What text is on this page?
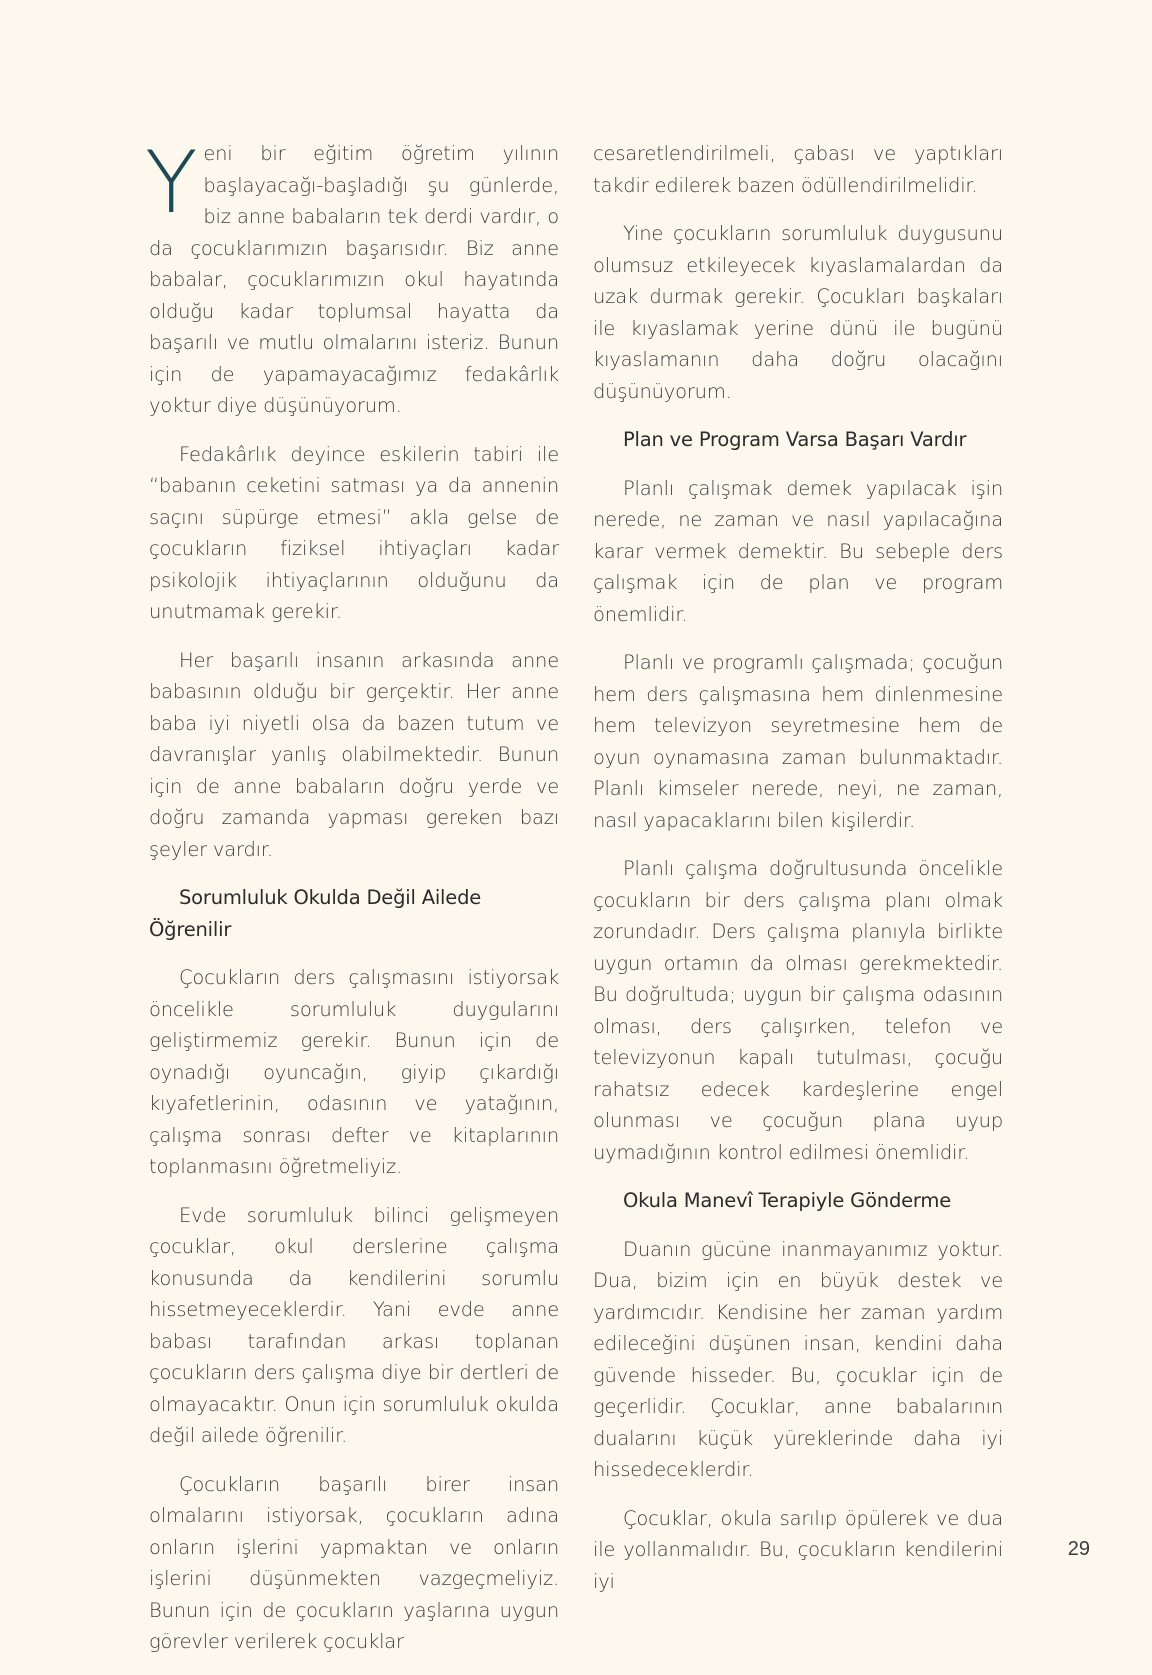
Yeni bir eğitim öğretim yılının başlayacağı-başladığı şu günlerde, biz anne babaların tek derdi vardır, o da çocuklarımızın başarısıdır. Biz anne babalar, çocuklarımızın okul hayatında olduğu kadar toplumsal hayatta da başarılı ve mutlu olmalarını isteriz. Bunun için de yapamayacağımız fedakârlık yoktur diye düşünüyorum.

Fedakârlık deyince eskilerin tabiri ile “babanın ceketini satması ya da annenin saçını süpürge etmesi” akla gelse de çocukların fiziksel ihtiyaçları kadar psikolojik ihtiyaçlarının olduğunu da unutmamak gerekir.

Her başarılı insanın arkasında anne babasının olduğu bir gerçektir. Her anne baba iyi niyetli olsa da bazen tutum ve davranışlar yanlış olabilmektedir. Bunun için de anne babaların doğru yerde ve doğru zamanda yapması gereken bazı şeyler vardır.

Sorumluluk Okulda Değil Ailede Öğrenilir

Çocukların ders çalışmasını istiyorsak öncelikle sorumluluk duygularını geliştirmemiz gerekir. Bunun için de oynadığı oyuncağın, giyip çıkardığı kıyafetlerinin, odasının ve yatağının, çalışma sonrası defter ve kitaplarının toplanmasını öğretmeliyiz.

Evde sorumluluk bilinci gelişmeyen çocuklar, okul derslerine çalışma konusunda da kendilerini sorumlu hissetmeyeceklerdir. Yani evde anne babası tarafından arkası toplanan çocukların ders çalışma diye bir dertleri de olmayacaktır. Onun için sorumluluk okulda değil ailede öğrenilir.

Çocukların başarılı birer insan olmalarını istiyorsak, çocukların adına onların işlerini yapmaktan ve onların işlerini düşünmekten vazgeçmeliyiz. Bunun için de çocukların yaşlarına uygun görevler verilerek çocuklar

cesaretlendirilmeli, çabası ve yaptıkları takdir edilerek bazen ödüllendirilmelidir.

Yine çocukların sorumluluk duygusunu olumsuz etkileyecek kıyaslamalardan da uzak durmak gerekir. Çocukları başkaları ile kıyaslamak yerine dünü ile bugünü kıyaslamanın daha doğru olacağını düşünüyorum.

Plan ve Program Varsa Başarı Vardır

Planlı çalışmak demek yapılacak işin nerede, ne zaman ve nasıl yapılacağına karar vermek demektir. Bu sebeple ders çalışmak için de plan ve program önemlidir.

Planlı ve programlı çalışmada; çocuğun hem ders çalışmasına hem dinlenmesine hem televizyon seyretmesine hem de oyun oynamasına zaman bulunmaktadır. Planlı kimseler nerede, neyi, ne zaman, nasıl yapacaklarını bilen kişilerdir.

Planlı çalışma doğrultusunda öncelikle çocukların bir ders çalışma planı olmak zorundadır. Ders çalışma planıyla birlikte uygun ortamın da olması gerekmektedir. Bu doğrultuda; uygun bir çalışma odasının olması, ders çalışırken, telefon ve televizyonun kapalı tutulması, çocuğu rahatsız edecek kardeşlerine engel olunması ve çocuğun plana uyup uymadığının kontrol edilmesi önemlidir.

Okula Manevî Terapiyle Gönderme

Duanın gücüne inanmayanımız yoktur. Dua, bizim için en büyük destek ve yardımcıdır. Kendisine her zaman yardım edileceğini düşünen insan, kendini daha güvende hisseder. Bu, çocuklar için de geçerlidir. Çocuklar, anne babalarının dualarını küçük yüreklerinde daha iyi hissedeceklerdir.

Çocuklar, okula sarılıp öpülerek ve dua ile yollanmalıdır. Bu, çocukların kendilerini iyi

29
